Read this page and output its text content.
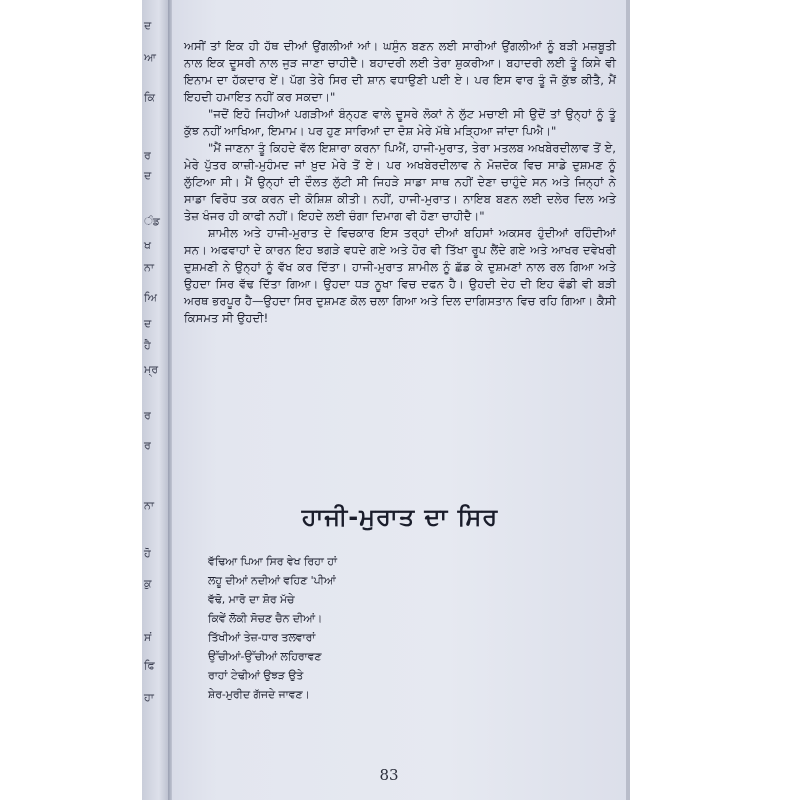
ਦ
ਆ
ਕਿ
ਰ
ਦ
ੰਡ
ਖ
ਨਾ
ਅਿ
ਦ
ਹੈ
ਮ੍ਰ
ਰ
ਰ
ਨਾ
ਹੋ
ਕੁ
ਸਂ
ਫਿ
ਹਾ

ਅਸੀਂ ਤਾਂ ਇਕ ਹੀ ਹੱਥ ਦੀਆਂ ਉਂਗਲੀਆਂ ਆਂ। ਘਸੁੰਨ ਬਣਨ ਲਈ ਸਾਰੀਆਂ ਉਂਗਲੀਆਂ ਨੂੰ ਬੜੀ ਮਜ਼ਬੂਤੀ ਨਾਲ ਇਕ ਦੂਸਰੀ ਨਾਲ ਜੁੜ ਜਾਣਾ ਚਾਹੀਦੈ। ਬਹਾਦਰੀ ਲਈ ਤੇਰਾ ਸ਼ੁਕਰੀਆ। ਬਹਾਦਰੀ ਲਈ ਤੂੰ ਕਿਸੇ ਵੀ ਇਨਾਮ ਦਾ ਹੱਕਦਾਰ ਏਂ। ਪੱਗ ਤੇਰੇ ਸਿਰ ਦੀ ਸ਼ਾਨ ਵਧਾਉਣੀ ਪਈ ਏ। ਪਰ ਇਸ ਵਾਰ ਤੂੰ ਜੋ ਕੁੱਝ ਕੀਤੈ, ਮੈਂ ਇਹਦੀ ਹਮਾਇਤ ਨਹੀਂ ਕਰ ਸਕਦਾ।"

"ਜਦੋਂ ਇਹੋ ਜਿਹੀਆਂ ਪਗੜੀਆਂ ਬੰਨ੍ਹਣ ਵਾਲੇ ਦੂਸਰੇ ਲੋਕਾਂ ਨੇ ਲੁੱਟ ਮਚਾਈ ਸੀ ਉਦੋਂ ਤਾਂ ਉਨ੍ਹਾਂ ਨੂੰ ਤੂੰ ਕੁੱਝ ਨਹੀਂ ਆਖਿਆ, ਇਮਾਮ। ਪਰ ਹੁਣ ਸਾਰਿਆਂ ਦਾ ਦੋਸ਼ ਮੇਰੇ ਮੱਥੇ ਮੜ੍ਹਿਆ ਜਾਂਦਾ ਪਿਐ।"

"ਮੈਂ ਜਾਣਨਾ ਤੂੰ ਕਿਹਦੇ ਵੱਲ ਇਸ਼ਾਰਾ ਕਰਨਾ ਪਿਐਂ, ਹਾਜੀ-ਮੁਰਾਤ, ਤੇਰਾ ਮਤਲਬ ਅਖਬੇਰਦੀਲਾਵ ਤੋਂ ਏ, ਮੇਰੇ ਪੁੱਤਰ ਕਾਜ਼ੀ-ਮੁਹੰਮਦ ਜਾਂ ਖ਼ੁਦ ਮੇਰੇ ਤੋਂ ਏ। ਪਰ ਅਖਬੇਰਦੀਲਾਵ ਨੇ ਮੋਜ਼ਦੋਕ ਵਿਚ ਸਾਡੇ ਦੁਸ਼ਮਣ ਨੂੰ ਲੁੱਟਿਆ ਸੀ। ਮੈਂ ਉਨ੍ਹਾਂ ਦੀ ਦੌਲਤ ਲੁੱਟੀ ਸੀ ਜਿਹੜੇ ਸਾਡਾ ਸਾਥ ਨਹੀਂ ਦੇਣਾ ਚਾਹੁੰਦੇ ਸਨ ਅਤੇ ਜਿਨ੍ਹਾਂ ਨੇ ਸਾਡਾ ਵਿਰੋਧ ਤਕ ਕਰਨ ਦੀ ਕੋਸ਼ਿਸ਼ ਕੀਤੀ। ਨਹੀਂ, ਹਾਜੀ-ਮੁਰਾਤ। ਨਾਇਬ ਬਣਨ ਲਈ ਦਲੇਰ ਦਿਲ ਅਤੇ ਤੇਜ਼ ਖੰਜਰ ਹੀ ਕਾਫੀ ਨਹੀਂ। ਇਹਦੇ ਲਈ ਚੰਗਾ ਦਿਮਾਗ ਵੀ ਹੋਣਾ ਚਾਹੀਦੈ।"

ਸ਼ਾਮੀਲ ਅਤੇ ਹਾਜੀ-ਮੁਰਾਤ ਦੇ ਵਿਚਕਾਰ ਇਸ ਤਰ੍ਹਾਂ ਦੀਆਂ ਬਹਿਸਾਂ ਅਕਸਰ ਹੁੰਦੀਆਂ ਰਹਿੰਦੀਆਂ ਸਨ। ਅਫਵਾਹਾਂ ਦੇ ਕਾਰਨ ਇਹ ਝਗੜੇ ਵਧਦੇ ਗਏ ਅਤੇ ਹੋਰ ਵੀ ਤਿੱਖਾ ਰੂਪ ਲੈਂਦੇ ਗਏ ਅਤੇ ਆਖਰ ਦਵੇਖਰੀ ਦੁਸ਼ਮਣੀ ਨੇ ਉਨ੍ਹਾਂ ਨੂੰ ਵੱਖ ਕਰ ਦਿੱਤਾ। ਹਾਜੀ-ਮੁਰਾਤ ਸ਼ਾਮੀਲ ਨੂੰ ਛੱਡ ਕੇ ਦੁਸ਼ਮਣਾਂ ਨਾਲ ਰਲ ਗਿਆ ਅਤੇ ਉਹਦਾ ਸਿਰ ਵੱਢ ਦਿੱਤਾ ਗਿਆ। ਉਹਦਾ ਧੜ ਨੂਖਾ ਵਿਚ ਦਫਨ ਹੈ। ਉਹਦੀ ਦੇਹ ਦੀ ਇਹ ਵੰਡੀ ਵੀ ਬੜੀ ਅਰਥ ਭਰਪੂਰ ਹੈ—ਉਹਦਾ ਸਿਰ ਦੁਸ਼ਮਣ ਕੋਲ ਚਲਾ ਗਿਆ ਅਤੇ ਦਿਲ ਦਾਗਿਸਤਾਨ ਵਿਚ ਰਹਿ ਗਿਆ। ਕੈਸੀ ਕਿਸਮਤ ਸੀ ਉਹਦੀ!

ਹਾਜੀ-ਮੁਰਾਤ ਦਾ ਸਿਰ
ਵੱਢਿਆ ਪਿਆ ਸਿਰ ਵੇਖ ਰਿਹਾ ਹਾਂ
ਲਹੂ ਦੀਆਂ ਨਦੀਆਂ ਵਹਿਣ 'ਪੀਆਂ
ਵੱਢੋ, ਮਾਰੋ ਦਾ ਸ਼ੋਰ ਮੱਚੇ
ਕਿਵੇਂ ਲੋਕੀ ਸੋਚਣ ਚੈਨ ਦੀਆਂ।
ਤਿੱਖੀਆਂ ਤੇਜ਼-ਧਾਰ ਤਲਵਾਰਾਂ
ਉੱਚੀਆਂ-ਉੱਚੀਆਂ ਲਹਿਰਾਵਣ
ਰਾਹਾਂ ਟੇਢੀਆਂ ਉਝੜ ਉਤੇ
ਸ਼ੇਰ-ਮੁਰੀਦ ਗੱਜਦੇ ਜਾਵਣ।
83
